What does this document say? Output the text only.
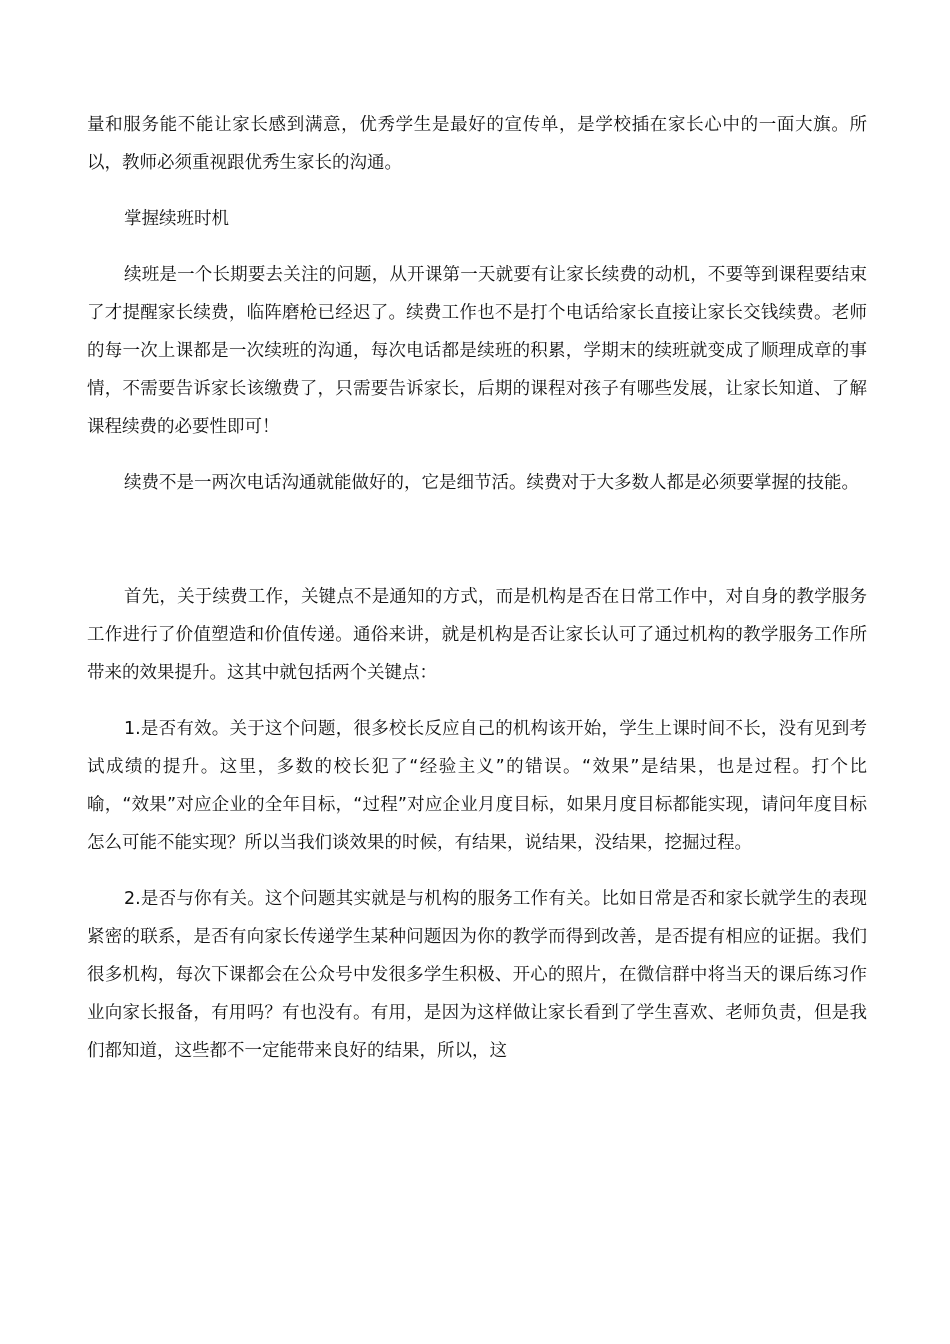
量和服务能不能让家长感到满意，优秀学生是最好的宣传单，是学校插在家长心中的一面大旗。所以，教师必须重视跟优秀生家长的沟通。

掌握续班时机

续班是一个长期要去关注的问题，从开课第一天就要有让家长续费的动机，不要等到课程要结束了才提醒家长续费，临阵磨枪已经迟了。续费工作也不是打个电话给家长直接让家长交钱续费。老师的每一次上课都是一次续班的沟通，每次电话都是续班的积累，学期末的续班就变成了顺理成章的事情，不需要告诉家长该缴费了，只需要告诉家长，后期的课程对孩子有哪些发展，让家长知道、了解课程续费的必要性即可！

续费不是一两次电话沟通就能做好的，它是细节活。续费对于大多数人都是必须要掌握的技能。

首先，关于续费工作，关键点不是通知的方式，而是机构是否在日常工作中，对自身的教学服务工作进行了价值塑造和价值传递。通俗来讲，就是机构是否让家长认可了通过机构的教学服务工作所带来的效果提升。这其中就包括两个关键点：

1.是否有效。关于这个问题，很多校长反应自己的机构该开始，学生上课时间不长，没有见到考试成绩的提升。这里，多数的校长犯了“经验主义”的错误。“效果”是结果，也是过程。打个比喻，“效果”对应企业的全年目标，“过程”对应企业月度目标，如果月度目标都能实现，请问年度目标怎么可能不能实现？所以当我们谈效果的时候，有结果，说结果，没结果，挖掘过程。

2.是否与你有关。这个问题其实就是与机构的服务工作有关。比如日常是否和家长就学生的表现紧密的联系，是否有向家长传递学生某种问题因为你的教学而得到改善，是否提有相应的证据。我们很多机构，每次下课都会在公众号中发很多学生积极、开心的照片，在微信群中将当天的课后练习作业向家长报备，有用吗？有也没有。有用，是因为这样做让家长看到了学生喜欢、老师负责，但是我们都知道，这些都不一定能带来良好的结果，所以，这
